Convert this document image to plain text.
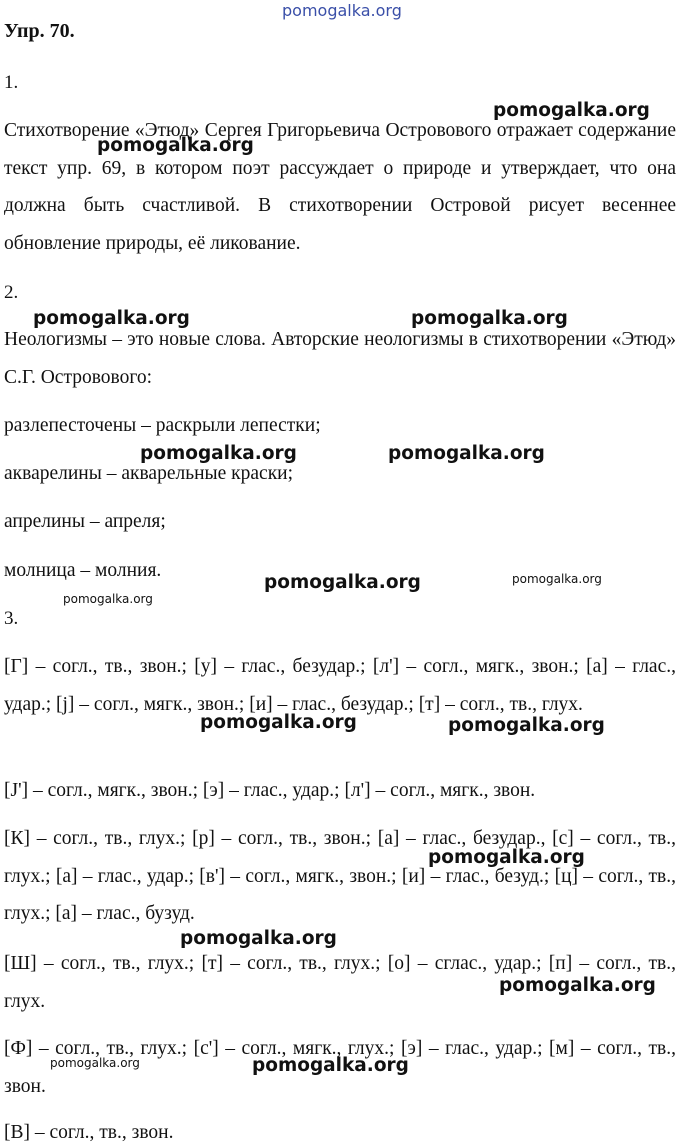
pomogalka.org
Упр. 70.
1.
Стихотворение «Этюд» Сергея Григорьевича Островового отражает содержание текст упр. 69, в котором поэт рассуждает о природе и утверждает, что она должна быть счастливой. В стихотворении Островой рисует весеннее обновление природы, её ликование.
2.
Неологизмы – это новые слова. Авторские неологизмы в стихотворении «Этюд» С.Г. Островового:
разлепесточены – раскрыли лепестки;
акварелины – акварельные краски;
апрелины – апреля;
молница – молния.
3.
[Г] – согл., тв., звон.; [у] – глас., безудар.; [л'] – согл., мягк., звон.; [а] – глас., удар.; [j] – согл., мягк., звон.; [и] – глас., безудар.; [т] – согл., тв., глух.
[J'] – согл., мягк., звон.; [э] – глас., удар.; [л'] – согл., мягк., звон.
[К] – согл., тв., глух.; [р] – согл., тв., звон.; [а] – глас., безудар., [с] – согл., тв., глух.; [а] – глас., удар.; [в'] – согл., мягк., звон.; [и] – глас., безуд.; [ц] – согл., тв., глух.; [а] – глас., бузуд.
[Ш] – согл., тв., глух.; [т] – согл., тв., глух.; [о] – сглас., удар.; [п] – согл., тв., глух.
[Ф] – согл., тв., глух.; [с'] – согл., мягк., глух.; [э] – глас., удар.; [м] – согл., тв., звон.
[В] – согл., тв., звон.
pomogalka.org
pomogalka.org
pomogalka.org	pomogalka.org
pomogalka.org	pomogalka.org
pomogalka.org	pomogalka.org
pomogalka.org
pomogalka.org	pomogalka.org
pomogalka.org
pomogalka.org
pomogalka.org
pomogalka.org	pomogalka.org
